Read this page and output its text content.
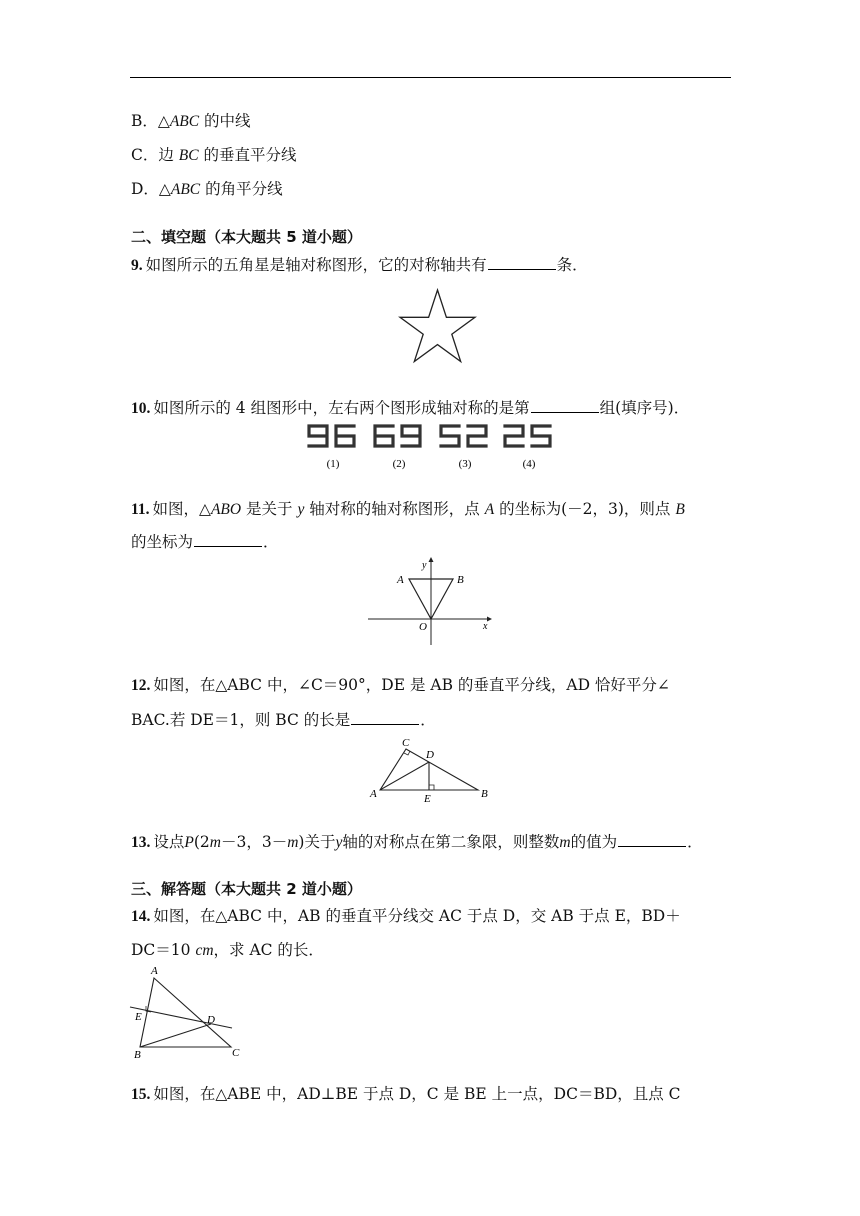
B．△ABC 的中线
C．边 BC 的垂直平分线
D．△ABC 的角平分线
二、填空题（本大题共 5 道小题）
9. 如图所示的五角星是轴对称图形，它的对称轴共有	条．
10. 如图所示的 4 组图形中，左右两个图形成轴对称的是第	组(填序号)．
(1)	(2)	(3)	(4)
11. 如图，△ABO 是关于 y 轴对称的轴对称图形，点 A 的坐标为(－2，3)，则点 B
的坐标为	．
y
A	B
O	x
12. 如图，在△ABC 中，∠C＝90°，DE 是 AB 的垂直平分线，AD 恰好平分∠
BAC.若 DE＝1，则 BC 的长是	．
C
D
A	E	B
13. 设点P(2m－3，3－m)关于y轴的对称点在第二象限，则整数m的值为	．
三、解答题（本大题共 2 道小题）
14. 如图，在△ABC 中，AB 的垂直平分线交 AC 于点 D，交 AB 于点 E，BD＋
DC＝10 cm，求 AC 的长．
A
E	D
B	C
15. 如图，在△ABE 中，AD⊥BE 于点 D，C 是 BE 上一点，DC＝BD，且点 C
